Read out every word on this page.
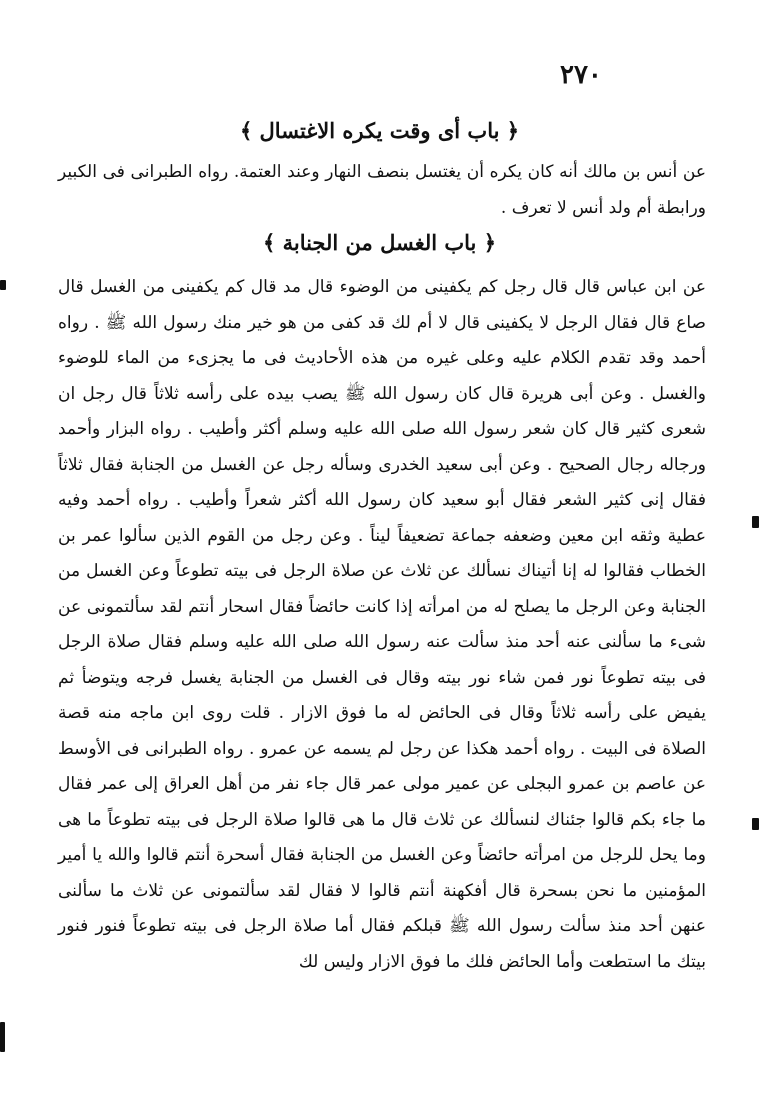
٢٧٠
﴿ باب أى وقت يكره الاغتسال ﴾
عن أنس بن مالك أنه كان يكره أن يغتسل بنصف النهار وعند العتمة. رواه الطبرانى فى الكبير ورابطة أم ولد أنس لا تعرف .
﴿ باب الغسل من الجنابة ﴾
عن ابن عباس قال قال رجل كم يكفينى من الوضوء قال مد قال كم يكفينى من الغسل قال صاع قال فقال الرجل لا يكفينى قال لا أم لك قد كفى من هو خير منك رسول الله ﷺ . رواه أحمد وقد تقدم الكلام عليه وعلى غيره من هذه الأحاديث فى ما يجزىء من الماء للوضوء والغسل . وعن أبى هريرة قال كان رسول الله ﷺ يصب بيده على رأسه ثلاثاً قال رجل ان شعرى كثير قال كان شعر رسول الله صلى الله عليه وسلم أكثر وأطيب . رواه البزار وأحمد ورجاله رجال الصحيح . وعن أبى سعيد الخدرى وسأله رجل عن الغسل من الجنابة فقال ثلاثاً فقال إنى كثير الشعر فقال أبو سعيد كان رسول الله أكثر شعراً وأطيب . رواه أحمد وفيه عطية وثقه ابن معين وضعفه جماعة تضعيفاً ليناً . وعن رجل من القوم الذين سألوا عمر بن الخطاب فقالوا له إنا أتيناك نسألك عن ثلاث عن صلاة الرجل فى بيته تطوعاً وعن الغسل من الجنابة وعن الرجل ما يصلح له من امرأته إذا كانت حائضاً فقال اسحار أنتم لقد سألتمونى عن شىء ما سألنى عنه أحد منذ سألت عنه رسول الله صلى الله عليه وسلم فقال صلاة الرجل فى بيته تطوعاً نور فمن شاء نور بيته وقال فى الغسل من الجنابة يغسل فرجه ويتوضأ ثم يفيض على رأسه ثلاثاً وقال فى الحائض له ما فوق الازار . قلت روى ابن ماجه منه قصة الصلاة فى البيت . رواه أحمد هكذا عن رجل لم يسمه عن عمرو . رواه الطبرانى فى الأوسط عن عاصم بن عمرو البجلى عن عمير مولى عمر قال جاء نفر من أهل العراق إلى عمر فقال ما جاء بكم قالوا جئناك لنسألك عن ثلاث قال ما هى قالوا صلاة الرجل فى بيته تطوعاً ما هى وما يحل للرجل من امرأته حائضاً وعن الغسل من الجنابة فقال أسحرة أنتم قالوا والله يا أمير المؤمنين ما نحن بسحرة قال أفكهنة أنتم قالوا لا فقال لقد سألتمونى عن ثلاث ما سألنى عنهن أحد منذ سألت رسول الله ﷺ قبلكم فقال أما صلاة الرجل فى بيته تطوعاً فنور فنور بيتك ما استطعت وأما الحائض فلك ما فوق الازار وليس لك
